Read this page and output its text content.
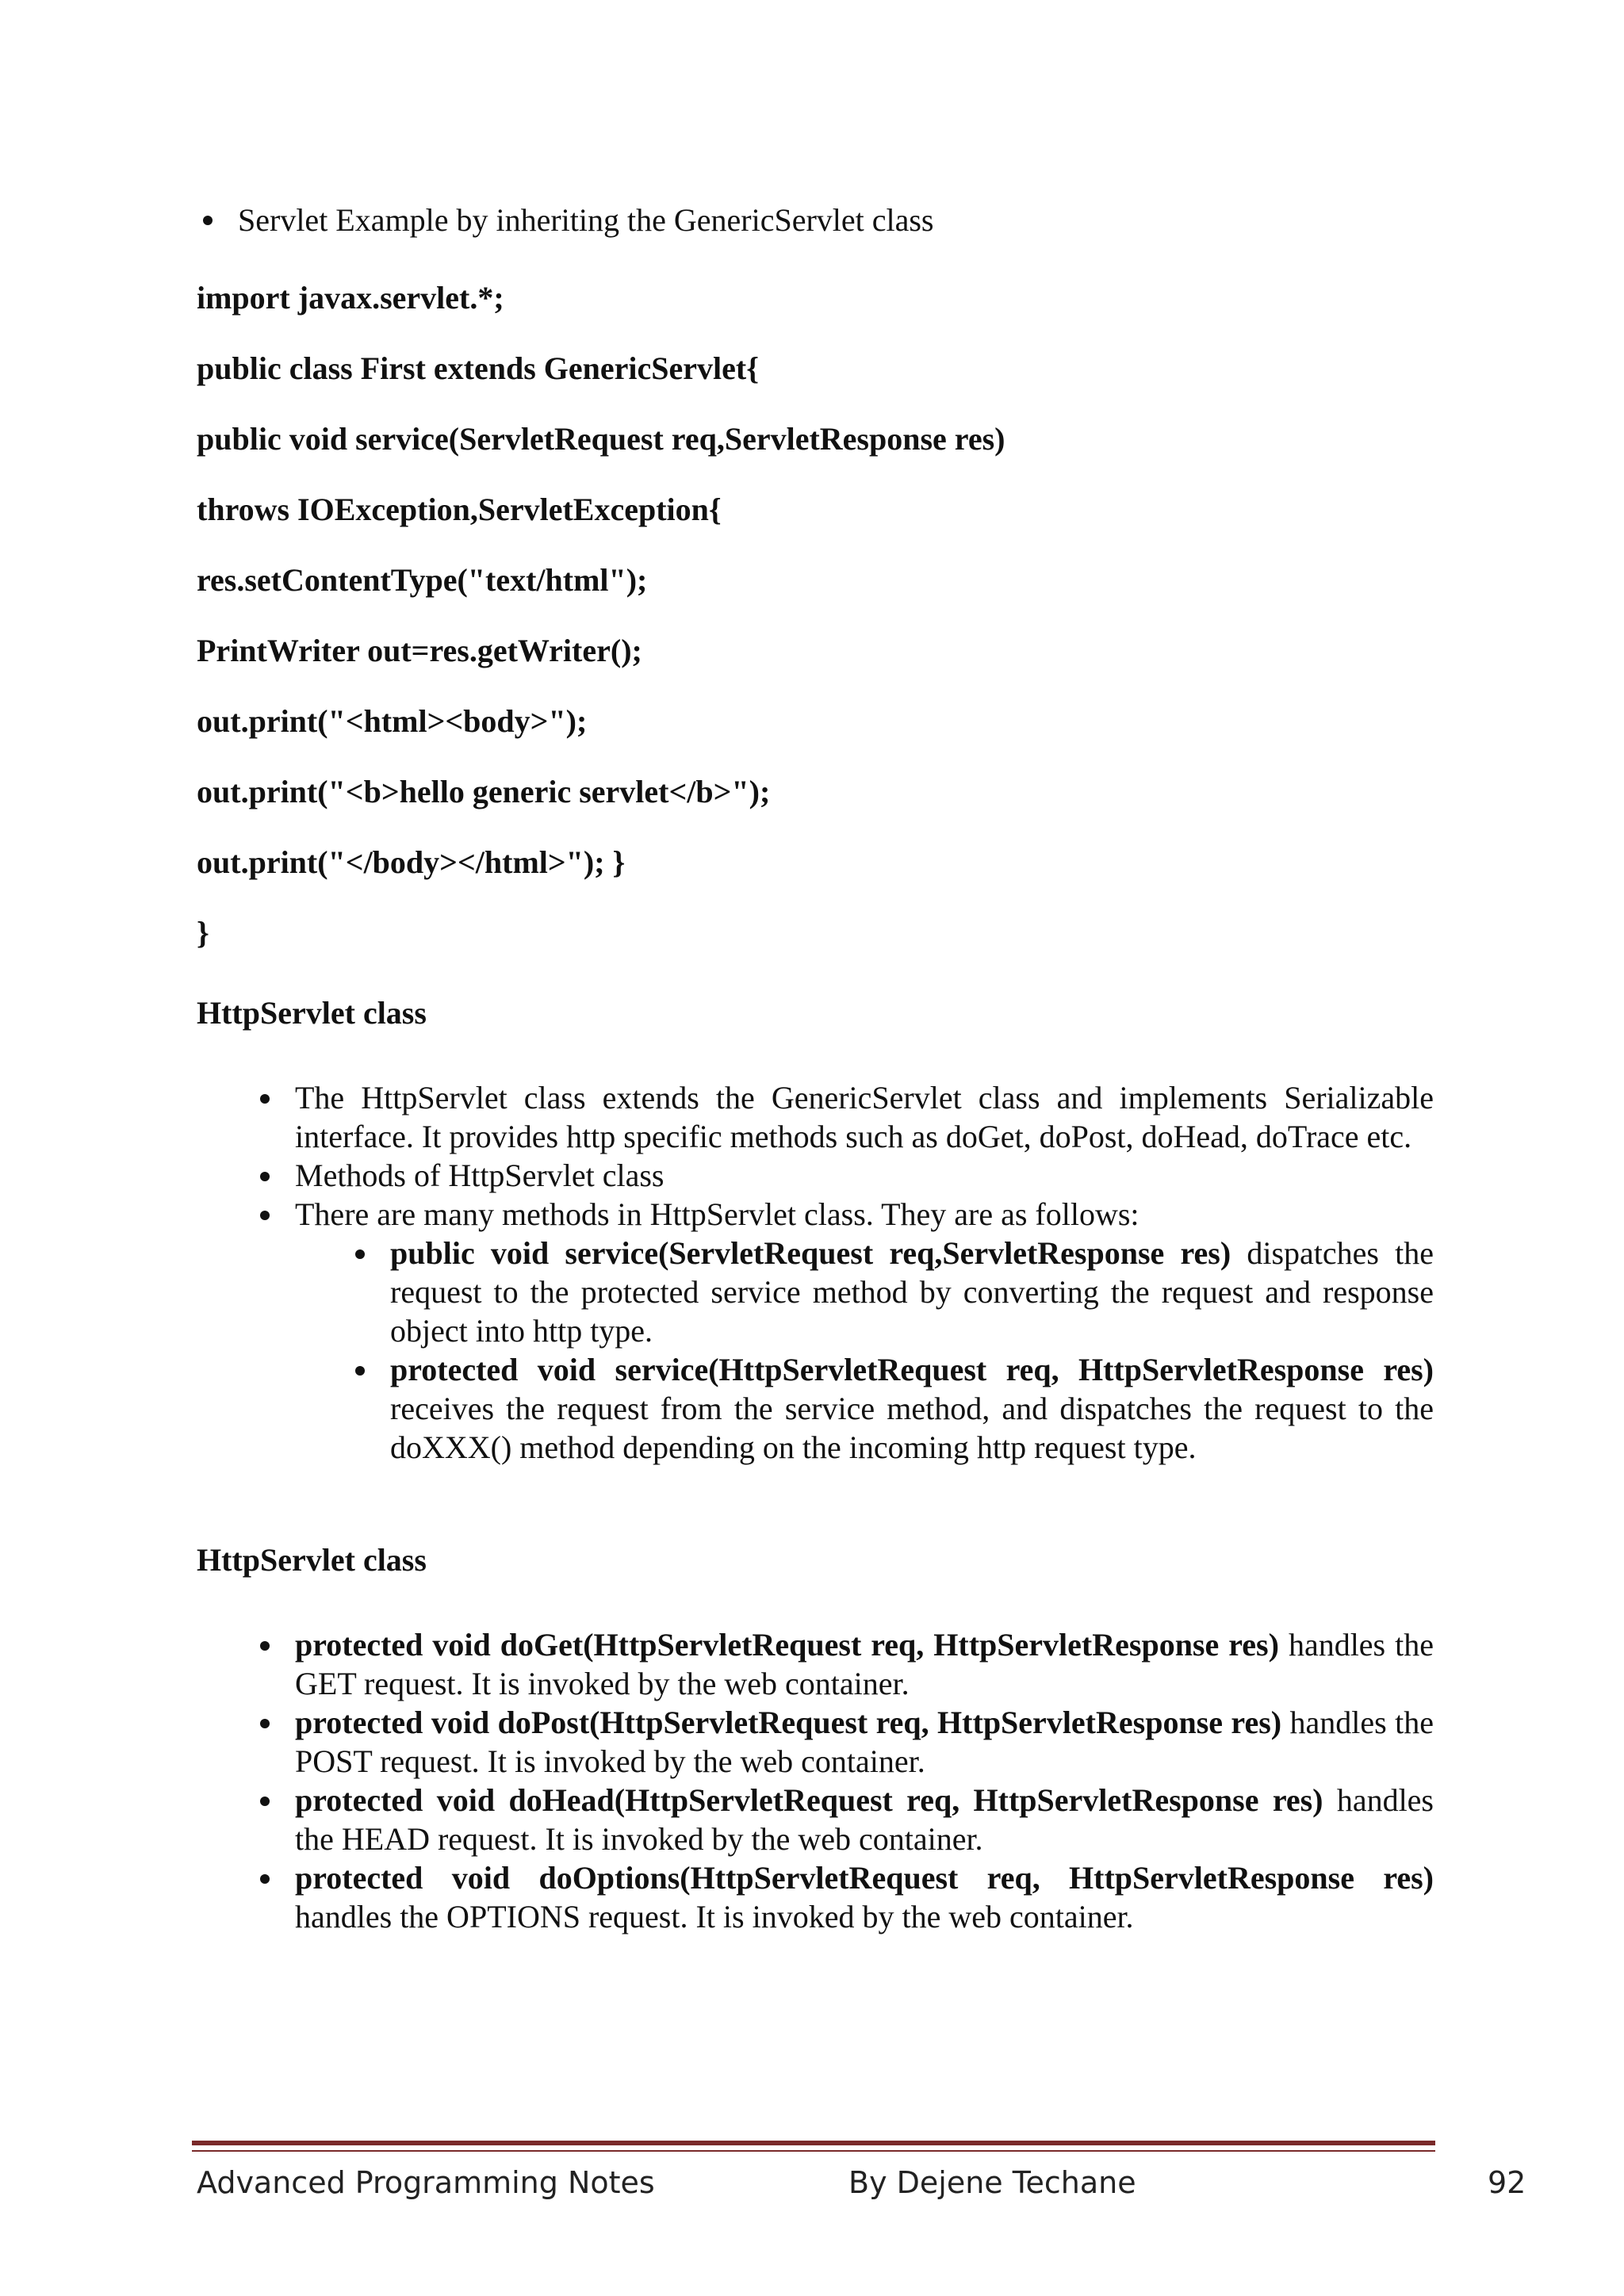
Servlet Example by inheriting the GenericServlet class
import javax.servlet.*;
public class First extends GenericServlet{
public void service(ServletRequest req,ServletResponse res)
throws IOException,ServletException{
res.setContentType("text/html");
PrintWriter out=res.getWriter();
out.print("<html><body>");
out.print("<b>hello generic servlet</b>");
out.print("</body></html>"); }
}
HttpServlet class
The HttpServlet class extends the GenericServlet class and implements Serializable interface. It provides http specific methods such as doGet, doPost, doHead, doTrace etc.
Methods of HttpServlet class
There are many methods in HttpServlet class. They are as follows:
public void service(ServletRequest req,ServletResponse res) dispatches the request to the protected service method by converting the request and response object into http type.
protected void service(HttpServletRequest req, HttpServletResponse res) receives the request from the service method, and dispatches the request to the doXXX() method depending on the incoming http request type.
HttpServlet class
protected void doGet(HttpServletRequest req, HttpServletResponse res) handles the GET request. It is invoked by the web container.
protected void doPost(HttpServletRequest req, HttpServletResponse res) handles the POST request. It is invoked by the web container.
protected void doHead(HttpServletRequest req, HttpServletResponse res) handles the HEAD request. It is invoked by the web container.
protected void doOptions(HttpServletRequest req, HttpServletResponse res) handles the OPTIONS request. It is invoked by the web container.
Advanced Programming Notes	By Dejene Techane	92
